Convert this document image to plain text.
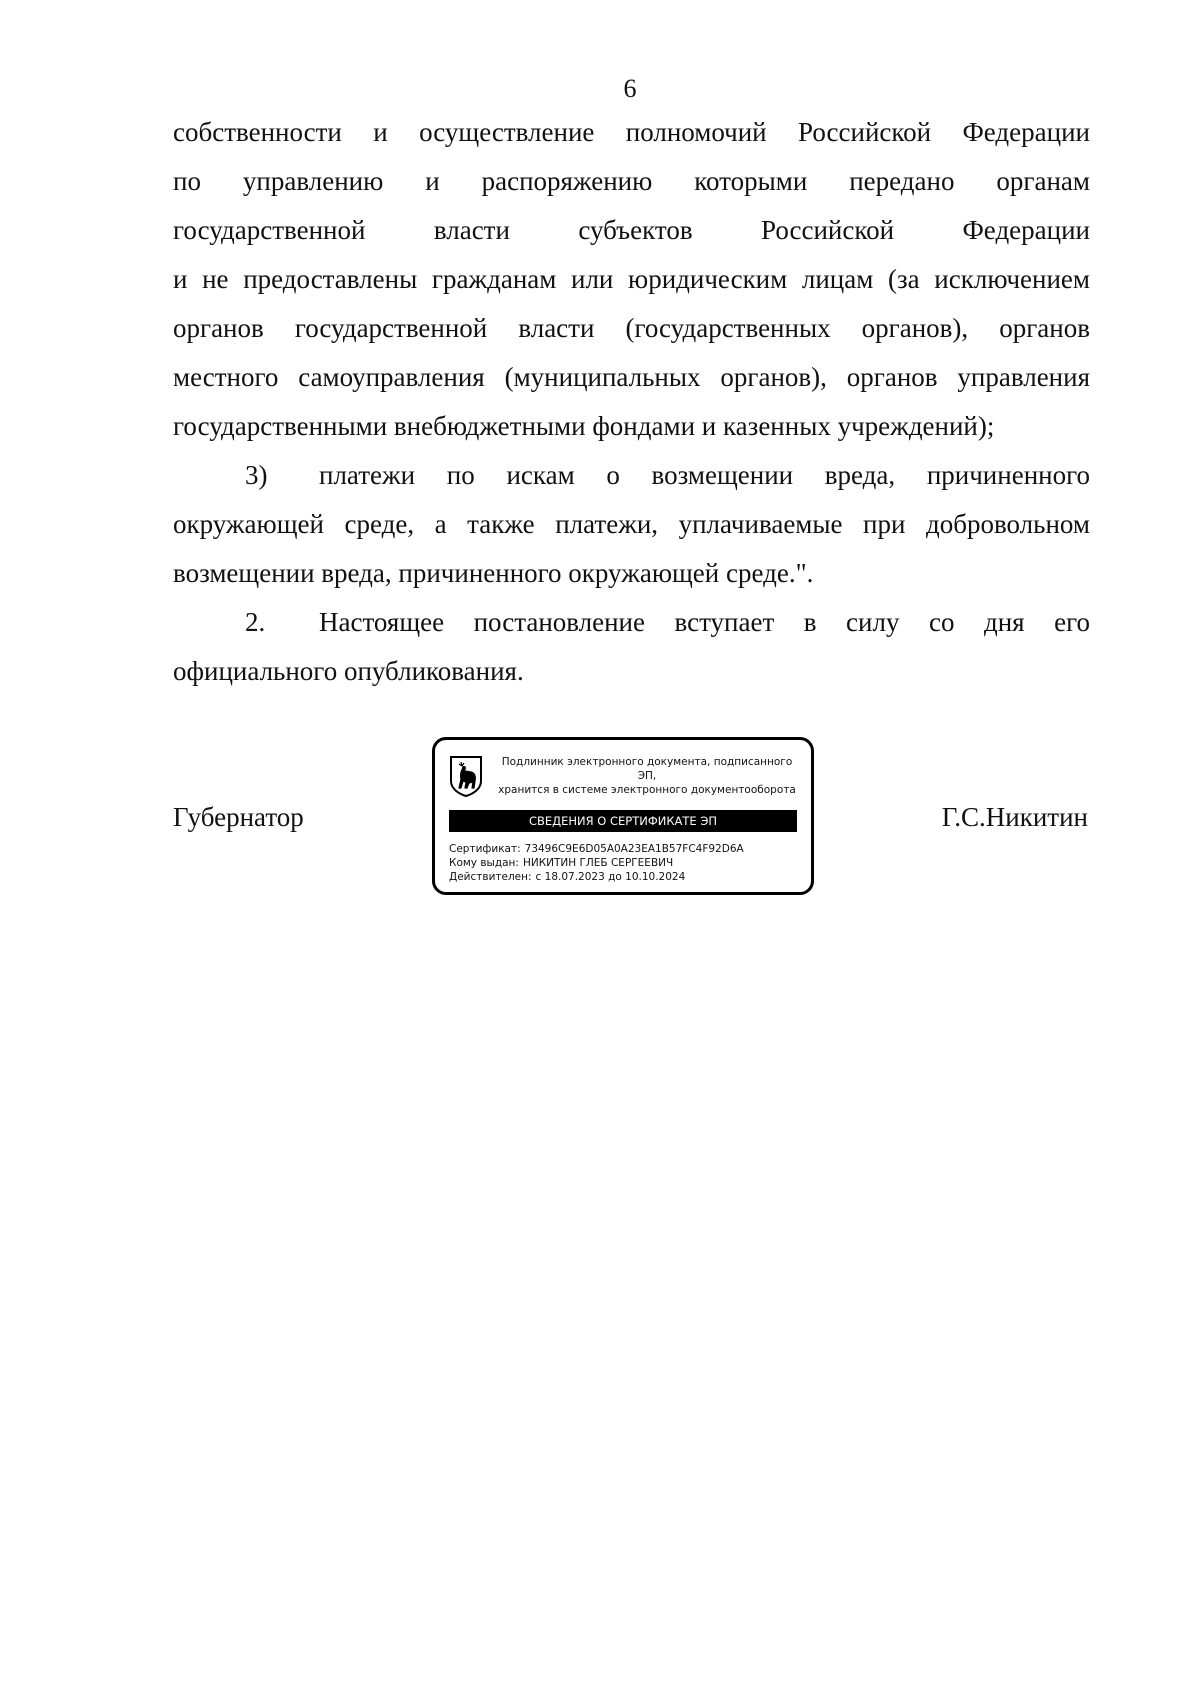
6
собственности и осуществление полномочий Российской Федерации
по управлению и распоряжению которыми передано органам
государственной власти субъектов Российской Федерации
и не предоставлены гражданам или юридическим лицам (за исключением
органов государственной власти (государственных органов), органов
местного самоуправления (муниципальных органов), органов управления
государственными внебюджетными фондами и казенных учреждений);
3) платежи по искам о возмещении вреда, причиненного
окружающей среде, а также платежи, уплачиваемые при добровольном
возмещении вреда, причиненного окружающей среде.".
2. Настоящее постановление вступает в силу со дня его
официального опубликования.
Губернатор
Подлинник электронного документа, подписанного ЭП,
хранится в системе электронного документооборота
СВЕДЕНИЯ О СЕРТИФИКАТЕ ЭП
Сертификат: 73496C9E6D05A0A23EA1B57FC4F92D6A
Кому выдан: НИКИТИН ГЛЕБ СЕРГЕЕВИЧ
Действителен: с 18.07.2023 до 10.10.2024
Г.С.Никитин
